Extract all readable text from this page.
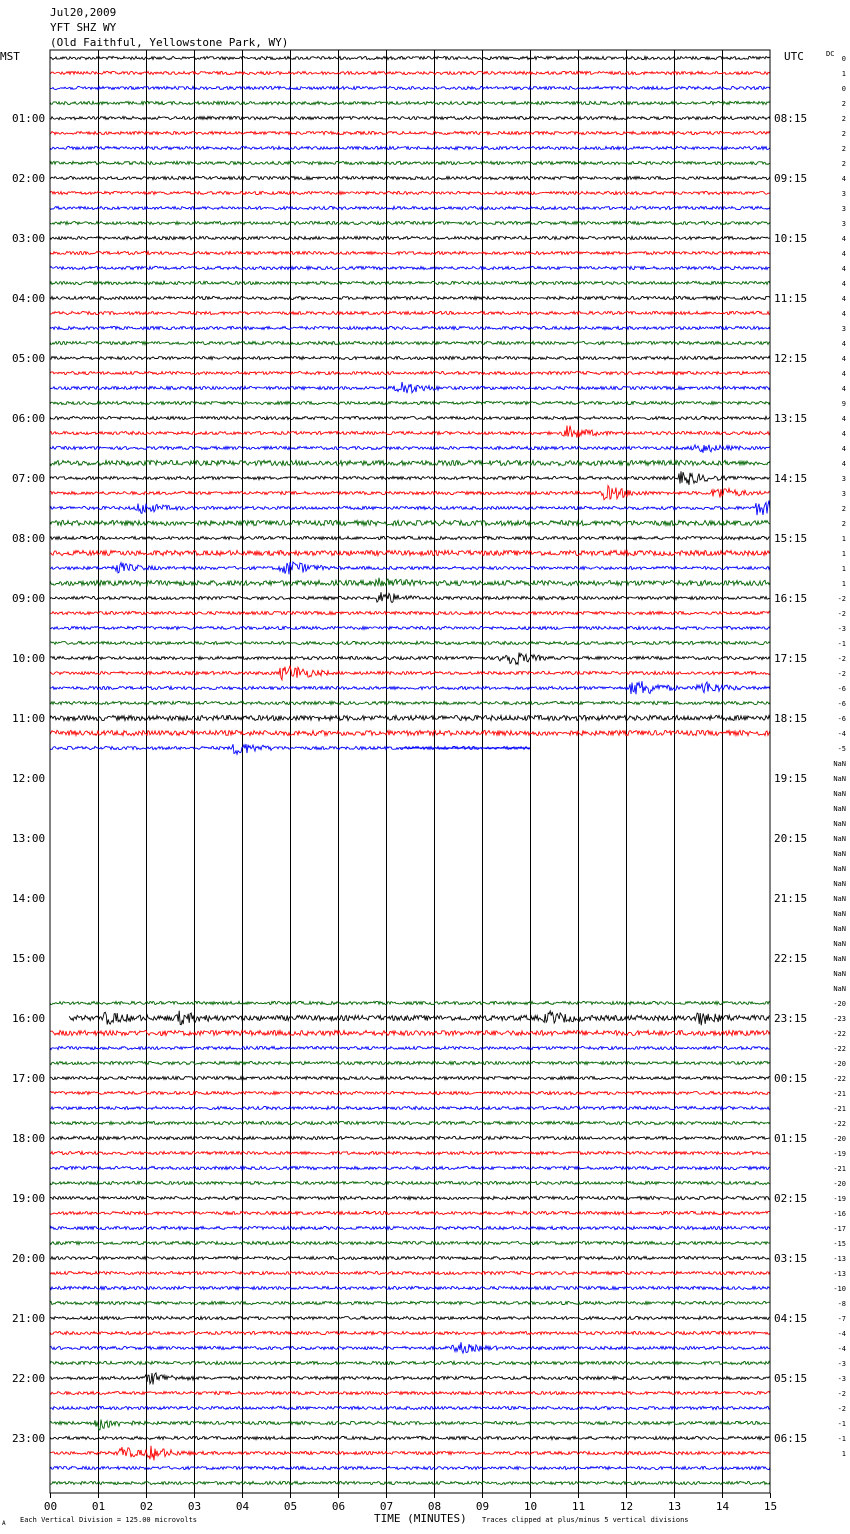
Jul20,2009
YFT SHZ WY
(Old Faithful, Yellowstone Park, WY)
MST	UTC	DC
TIME (MINUTES)
Each Vertical Division = 125.00 microvolts	Traces clipped at plus/minus 5 vertical divisions
A
00	01	02	03	04	05	06	07	08	09	10	11	12	13	14	15
01:00
02:00
03:00
04:00
05:00
06:00
07:00
08:00
09:00
10:00
11:00
12:00
13:00
14:00
15:00
16:00
17:00
18:00
19:00
20:00
21:00
22:00
23:00
08:15
09:15
10:15
11:15
12:15
13:15
14:15
15:15
16:15
17:15
18:15
19:15
20:15
21:15
22:15
23:15
00:15
01:15
02:15
03:15
04:15
05:15
06:15
0
1
0
2
2
2
2
2
4
3
3
3
4
4
4
4
4
4
3
4
4
4
4
9
4
4
4
4
3
3
2
2
1
1
1
1
-2
-2
-3
-1
-2
-2
-6
-6
-6
-4
-5
NaN
NaN
NaN
NaN
NaN
NaN
NaN
NaN
NaN
NaN
NaN
NaN
NaN
NaN
NaN
NaN
-20
-23
-22
-22
-20
-22
-21
-21
-22
-20
-19
-21
-20
-19
-16
-17
-15
-13
-13
-10
-8
-7
-4
-4
-3
-3
-2
-2
-1
-1
1
